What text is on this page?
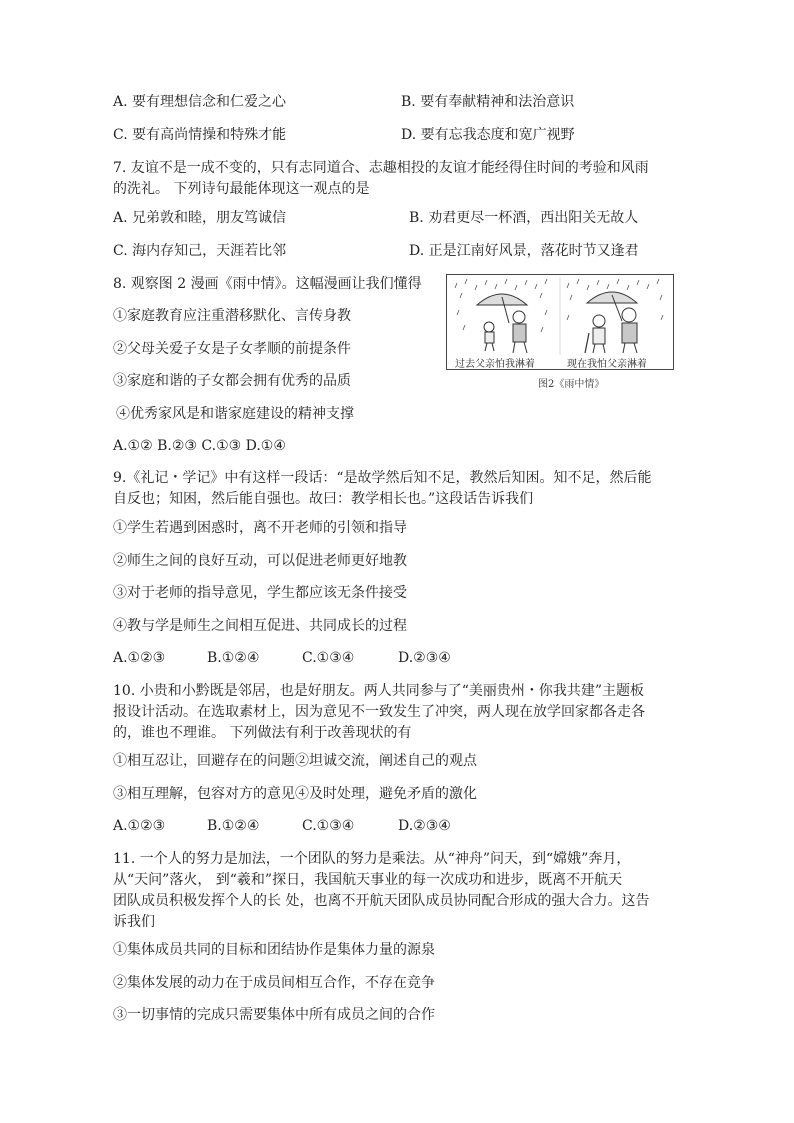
A. 要有理想信念和仁爱之心	B. 要有奉献精神和法治意识
C. 要有高尚情操和特殊才能	D. 要有忘我态度和宽广视野
7. 友谊不是一成不变的，只有志同道合、志趣相投的友谊才能经得住时间的考验和风雨
的洗礼。 下列诗句最能体现这一观点的是
A. 兄弟敦和睦，朋友笃诚信	B. 劝君更尽一杯酒，西出阳关无故人
C. 海内存知己，天涯若比邻	D. 正是江南好风景，落花时节又逢君
8. 观察图 2 漫画《雨中情》。这幅漫画让我们懂得
①家庭教育应注重潜移默化、言传身教
②父母关爱子女是子女孝顺的前提条件
③家庭和谐的子女都会拥有优秀的品质
④优秀家风是和谐家庭建设的精神支撑
A.①② B.②③ C.①③ D.①④
过去父亲怕我淋着	现在我怕父亲淋着
图2《雨中情》
9.《礼记・学记》中有这样一段话：“是故学然后知不足，教然后知困。知不足，然后能
自反也；知困，然后能自强也。故曰：教学相长也。”这段话告诉我们
①学生若遇到困惑时，离不开老师的引领和指导
②师生之间的良好互动，可以促进老师更好地教
③对于老师的指导意见，学生都应该无条件接受
④教与学是师生之间相互促进、共同成长的过程
A.①②③	B.①②④	C.①③④	D.②③④
10. 小贵和小黔既是邻居，也是好朋友。两人共同参与了“美丽贵州・你我共建”主题板
报设计活动。在选取素材上，因为意见不一致发生了冲突，两人现在放学回家都各走各
的，谁也不理谁。 下列做法有利于改善现状的有
①相互忍让，回避存在的问题②坦诚交流，阐述自己的观点
③相互理解，包容对方的意见④及时处理，避免矛盾的激化
A.①②③	B.①②④	C.①③④	D.②③④
11. 一个人的努力是加法，一个团队的努力是乘法。从“神舟”问天，到“嫦娥”奔月，
从“天问”落火， 到“羲和”探日，我国航天事业的每一次成功和进步，既离不开航天
团队成员积极发挥个人的长 处，也离不开航天团队成员协同配合形成的强大合力。这告
诉我们
①集体成员共同的目标和团结协作是集体力量的源泉
②集体发展的动力在于成员间相互合作，不存在竞争
③一切事情的完成只需要集体中所有成员之间的合作
